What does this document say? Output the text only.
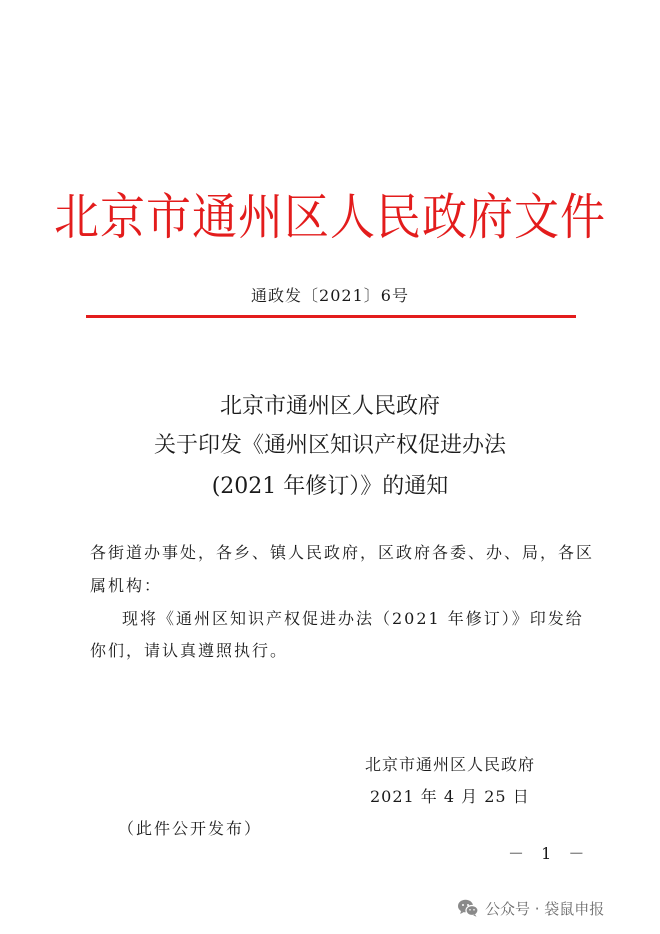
北京市通州区人民政府文件
通政发〔2021〕6号
北京市通州区人民政府
关于印发《通州区知识产权促进办法
(2021 年修订）》的通知
各街道办事处，各乡、镇人民政府，区政府各委、办、局，各区
属机构：
现将《通州区知识产权促进办法（2021 年修订）》印发给
你们，请认真遵照执行。
北京市通州区人民政府
2021 年 4 月 25 日
（此件公开发布）
－ 1 －
公众号 · 袋鼠申报
